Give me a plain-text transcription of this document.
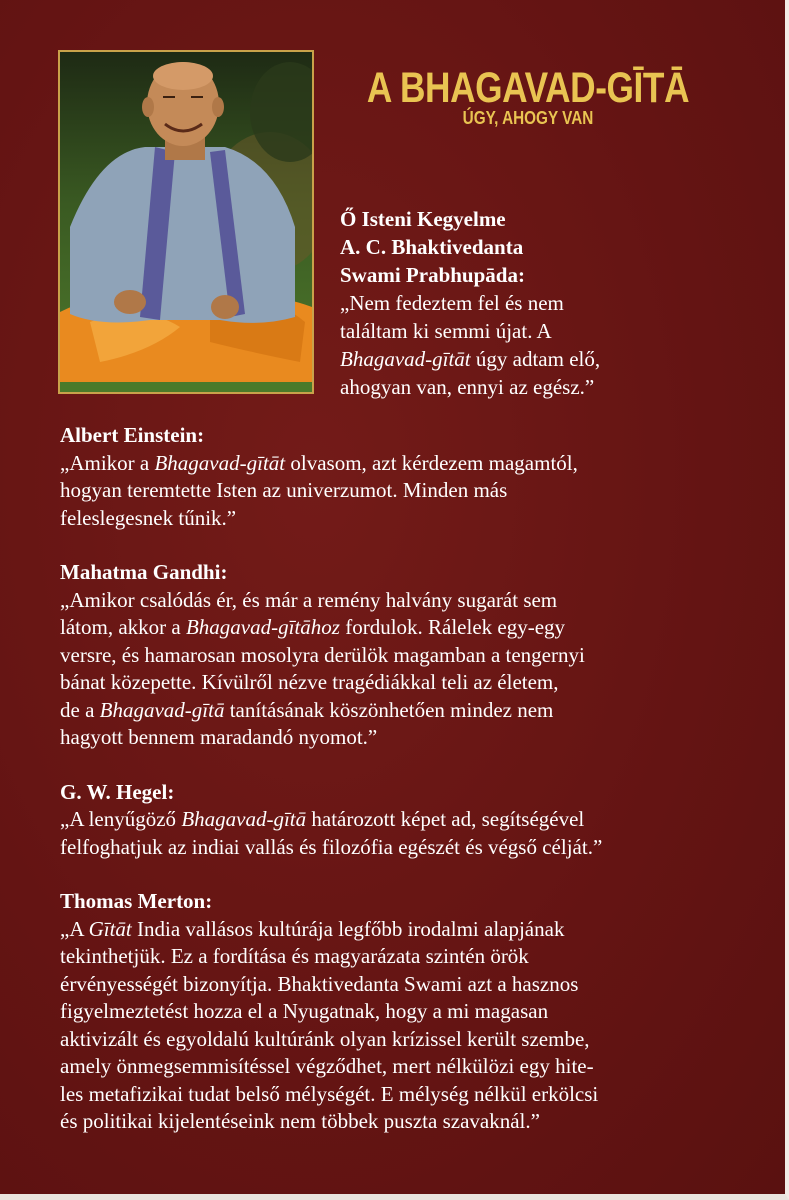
A BHAGAVAD-GĪTĀ
ÚGY, AHOGY VAN
Ő Isteni Kegyelme
A. C. Bhaktivedanta
Swami Prabhupāda:
„Nem fedeztem fel és nem
találtam ki semmi újat. A
Bhagavad-gītāt úgy adtam elő,
ahogyan van, ennyi az egész.”
Albert Einstein:

„Amikor a Bhagavad-gītāt olvasom, azt kérdezem magamtól,

hogyan teremtette Isten az univerzumot. Minden más

feleslegesnek tűnik.”

Mahatma Gandhi:

„Amikor csalódás ér, és már a remény halvány sugarát sem

látom, akkor a Bhagavad-gītāhoz fordulok. Rálelek egy-egy

versre, és hamarosan mosolyra derülök magamban a tengernyi

bánat közepette. Kívülről nézve tragédiákkal teli az életem,

de a Bhagavad-gītā tanításának köszönhetően mindez nem

hagyott bennem maradandó nyomot.”

G. W. Hegel:

„A lenyűgöző Bhagavad-gītā határozott képet ad, segítségével

felfoghatjuk az indiai vallás és filozófia egészét és végső célját.”

Thomas Merton:

„A Gītāt India vallásos kultúrája legfőbb irodalmi alapjának

tekinthetjük. Ez a fordítása és magyarázata szintén örök

érvényességét bizonyítja. Bhaktivedanta Swami azt a hasznos

figyelmeztetést hozza el a Nyugatnak, hogy a mi magasan

aktivizált és egyoldalú kultúránk olyan krízissel került szembe,

amely önmegsemmisítéssel végződhet, mert nélkülözi egy hite-

les metafizikai tudat belső mélységét. E mélység nélkül erkölcsi

és politikai kijelentéseink nem többek puszta szavaknál.”
